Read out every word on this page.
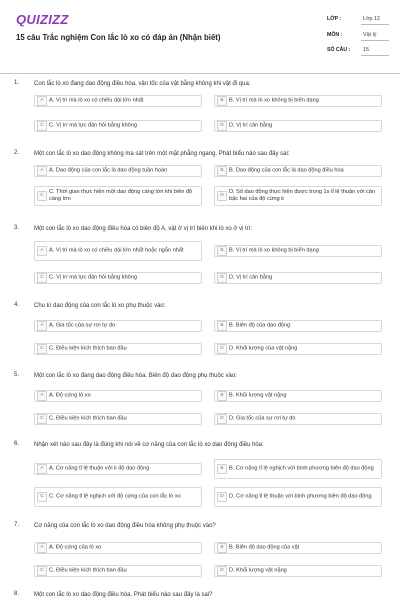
QUIZIZZ
15 câu Trắc nghiệm Con lắc lò xo có đáp án (Nhận biết)
LỚP :	Lớp 12
MÔN :	Vật lý
SỐ CÂU :	15
1. Con lắc lò xo đang dao động điều hòa, vận tốc của vật bằng không khi vật đi qua:
A A. Vị trí mà lò xo có chiều dài lớn nhất	B B. Vị trí mà lò xo không bị biến dạng
C C. Vị trí mà lực đàn hồi bằng không	D D. Vị trí cân bằng
2. Một con lắc lò xo dao động không ma sát trên một mặt phẳng ngang. Phát biểu nào sau đây sai:
A A. Dao động của con lắc là dao động tuần hoàn	B B. Dao động của con lắc là dao động điều hòa
C
C. Thời gian thực hiện một dao động càng lớn khi biên độ càng lớn
D
D. Số dao động thực hiện được trong 1s tỉ lệ thuận với căn bậc hai của độ cứng k
3. Một con lắc lò xo dao động điều hòa có biên độ A, vật ở vị trí biên khi lò xo ở vị trí:
A A. Vị trí mà lò xo có chiều dài lớn nhất hoặc ngắn nhất	B B. Vị trí mà lò xo không bị biến dạng
C C. Vị trí mà lực đàn hồi bằng không	D D. Vị trí cân bằng
4. Chu kì dao động của con lắc lò xo phụ thuộc vào:
A A. Gia tốc của sự rơi tự do	B B. Biên độ của dao động
C C. Điều kiện kích thích ban đầu	D D. Khối lượng của vật nặng
5. Một con lắc lò xo đang dao động điều hòa. Biên độ dao động phụ thuộc vào:
A A. Độ cứng lò xo	B B. Khối lượng vật nặng
C C. Điều kiện kích thích ban đầu	D D. Gia tốc của sự rơi tự do
6. Nhận xét nào sau đây là đúng khi nói về cơ năng của con lắc lò xo dao động điều hòa:
A A. Cơ năng tỉ lệ thuận với li độ dao động	B B. Cơ năng tỉ lệ nghịch với bình phương biên độ dao động
C C. Cơ năng tỉ lệ nghịch với độ cứng của con lắc lò xo	D D. Cơ năng tỉ lệ thuận với bình phương biên độ dao động
7. Cơ năng của con lắc lò xo dao động điều hòa không phụ thuộc vào?
A A. Độ cứng của lò xo	B B. Biên độ dao động của vật
C C. Điều kiện kích thích ban đầu	D D. Khối lượng vật nặng
8. Một con lắc lò xo dao động điều hòa. Phát biểu nào sau đây là sai?
